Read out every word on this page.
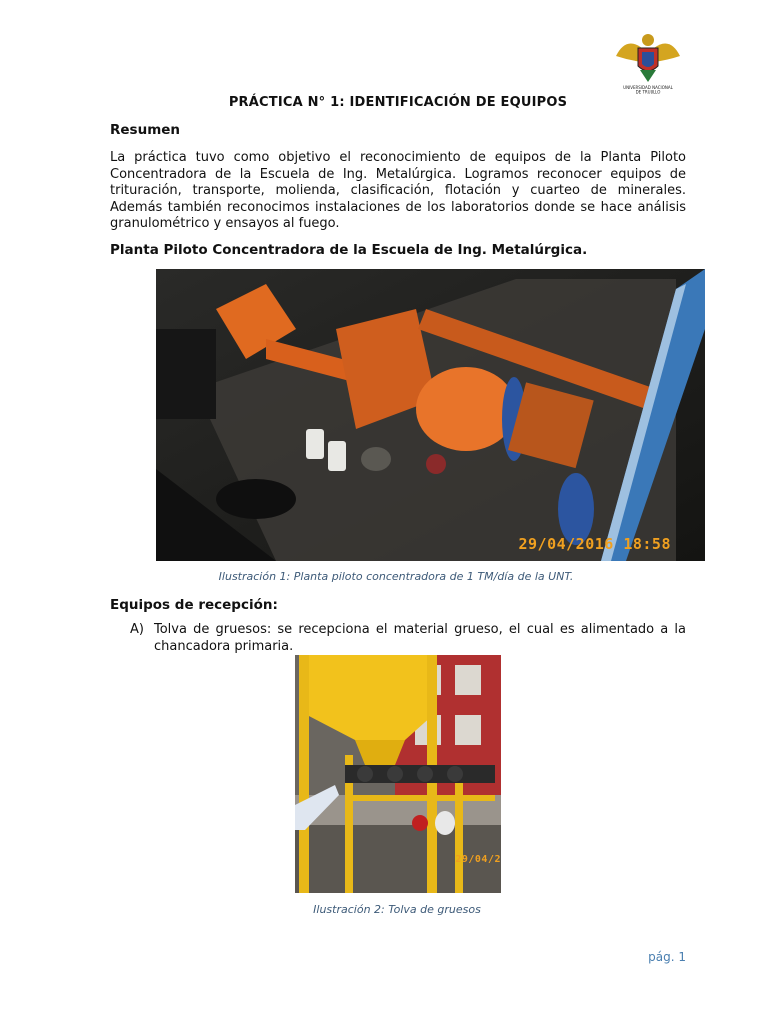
UNIVERSIDAD NACIONAL
DE TRUJILLO
PRÁCTICA N° 1: IDENTIFICACIÓN DE EQUIPOS
Resumen
La práctica tuvo como objetivo el reconocimiento de equipos de la Planta Piloto Concentradora de la Escuela de Ing. Metalúrgica. Logramos reconocer equipos de trituración, transporte, molienda, clasificación, flotación y cuarteo de minerales. Además también reconocimos instalaciones de los laboratorios donde se hace análisis granulométrico y ensayos al fuego.
Planta Piloto Concentradora de la Escuela de Ing. Metalúrgica.
29/04/2016 18:58
Ilustración 1: Planta piloto concentradora de 1 TM/día de la UNT.
Equipos de recepción:
A) Tolva de gruesos: se recepciona el material grueso, el cual es alimentado a la chancadora primaria.
29/04/2
Ilustración 2: Tolva de gruesos
pág. 1
